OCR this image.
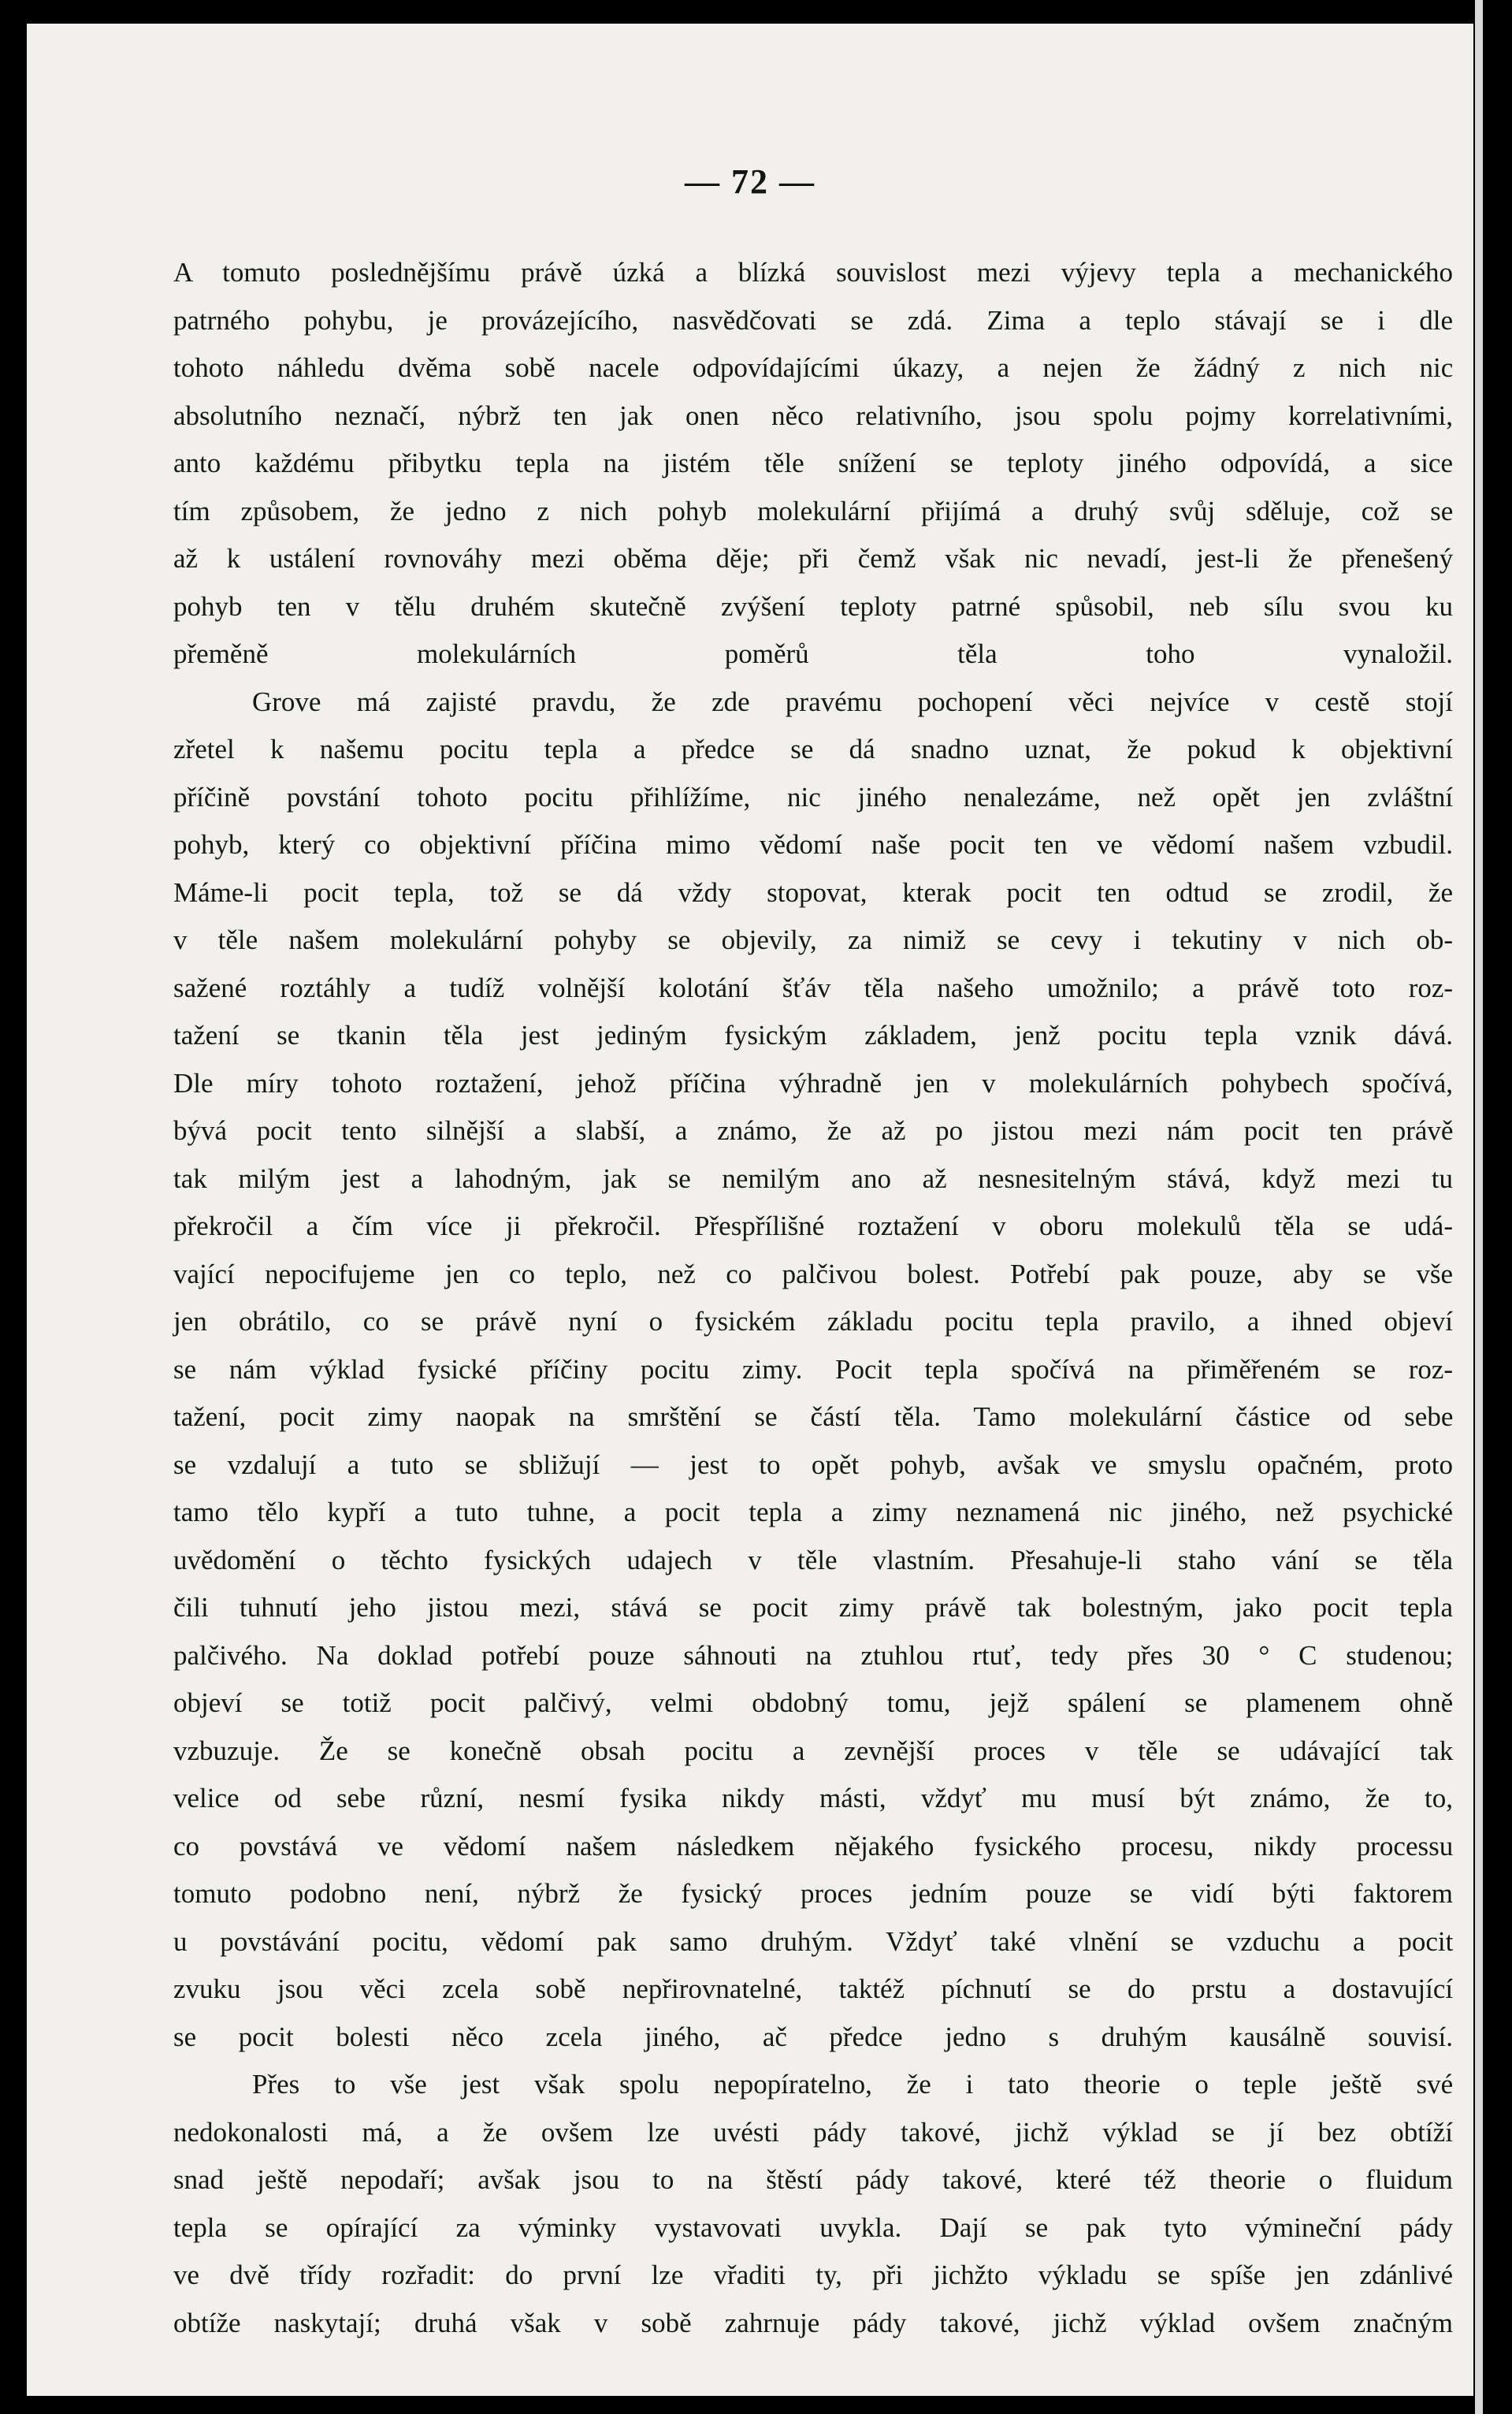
— 72 —

A tomuto poslednějšímu právě úzká a blízká souvislost mezi výjevy tepla a mechanického
patrného pohybu, je provázejícího, nasvědčovati se zdá. Zima a teplo stávají se i dle
tohoto náhledu dvěma sobě nacele odpovídajícími úkazy, a nejen že žádný z nich nic
absolutního neznačí, nýbrž ten jak onen něco relativního, jsou spolu pojmy korrelativními,
anto každému přibytku tepla na jistém těle snížení se teploty jiného odpovídá, a sice
tím způsobem, že jedno z nich pohyb molekulární přijímá a druhý svůj sděluje, což se
až k ustálení rovnováhy mezi oběma děje; při čemž však nic nevadí, jest-li že přenešený
pohyb ten v tělu druhém skutečně zvýšení teploty patrné spůsobil, neb sílu svou ku
přeměně molekulárních poměrů těla toho vynaložil.

Grove má zajisté pravdu, že zde pravému pochopení věci nejvíce v cestě stojí
zřetel k našemu pocitu tepla a předce se dá snadno uznat, že pokud k objektivní
příčině povstání tohoto pocitu přihlížíme, nic jiného nenalezáme, než opět jen zvláštní
pohyb, který co objektivní příčina mimo vědomí naše pocit ten ve vědomí našem vzbudil.
Máme-li pocit tepla, tož se dá vždy stopovat, kterak pocit ten odtud se zrodil, že
v těle našem molekulární pohyby se objevily, za nimiž se cevy i tekutiny v nich ob-
sažené roztáhly a tudíž volnější kolotání šťáv těla našeho umožnilo; a právě toto roz-
tažení se tkanin těla jest jediným fysickým základem, jenž pocitu tepla vznik dává.
Dle míry tohoto roztažení, jehož příčina výhradně jen v molekulárních pohybech spočívá,
bývá pocit tento silnější a slabší, a známo, že až po jistou mezi nám pocit ten právě
tak milým jest a lahodným, jak se nemilým ano až nesnesitelným stává, když mezi tu
překročil a čím více ji překročil. Přespřílišné roztažení v oboru molekulů těla se udá-
vající nepocifujeme jen co teplo, než co palčivou bolest. Potřebí pak pouze, aby se vše
jen obrátilo, co se právě nyní o fysickém základu pocitu tepla pravilo, a ihned objeví
se nám výklad fysické příčiny pocitu zimy. Pocit tepla spočívá na přiměřeném se roz-
tažení, pocit zimy naopak na smrštění se částí těla. Tamo molekulární částice od sebe
se vzdalují a tuto se sbližují — jest to opět pohyb, avšak ve smyslu opačném, proto
tamo tělo kypří a tuto tuhne, a pocit tepla a zimy neznamená nic jiného, než psychické
uvědomění o těchto fysických udajech v těle vlastním. Přesahuje-li staho vání se těla
čili tuhnutí jeho jistou mezi, stává se pocit zimy právě tak bolestným, jako pocit tepla
palčivého. Na doklad potřebí pouze sáhnouti na ztuhlou rtuť, tedy přes 30 ° C studenou;
objeví se totiž pocit palčivý, velmi obdobný tomu, jejž spálení se plamenem ohně
vzbuzuje. Že se konečně obsah pocitu a zevnější proces v těle se udávající tak
velice od sebe různí, nesmí fysika nikdy másti, vždyť mu musí být známo, že to,
co povstává ve vědomí našem následkem nějakého fysického procesu, nikdy processu
tomuto podobno není, nýbrž že fysický proces jedním pouze se vidí býti faktorem
u povstávání pocitu, vědomí pak samo druhým. Vždyť také vlnění se vzduchu a pocit
zvuku jsou věci zcela sobě nepřirovnatelné, taktéž píchnutí se do prstu a dostavující
se pocit bolesti něco zcela jiného, ač předce jedno s druhým kausálně souvisí.

Přes to vše jest však spolu nepopíratelno, že i tato theorie o teple ještě své
nedokonalosti má, a že ovšem lze uvésti pády takové, jichž výklad se jí bez obtíží
snad ještě nepodaří; avšak jsou to na štěstí pády takové, které též theorie o fluidum
tepla se opírající za výminky vystavovati uvykla. Dají se pak tyto výmineční pády
ve dvě třídy rozřadit: do první lze vřaditi ty, při jichžto výkladu se spíše jen zdánlivé
obtíže naskytají; druhá však v sobě zahrnuje pády takové, jichž výklad ovšem značným
